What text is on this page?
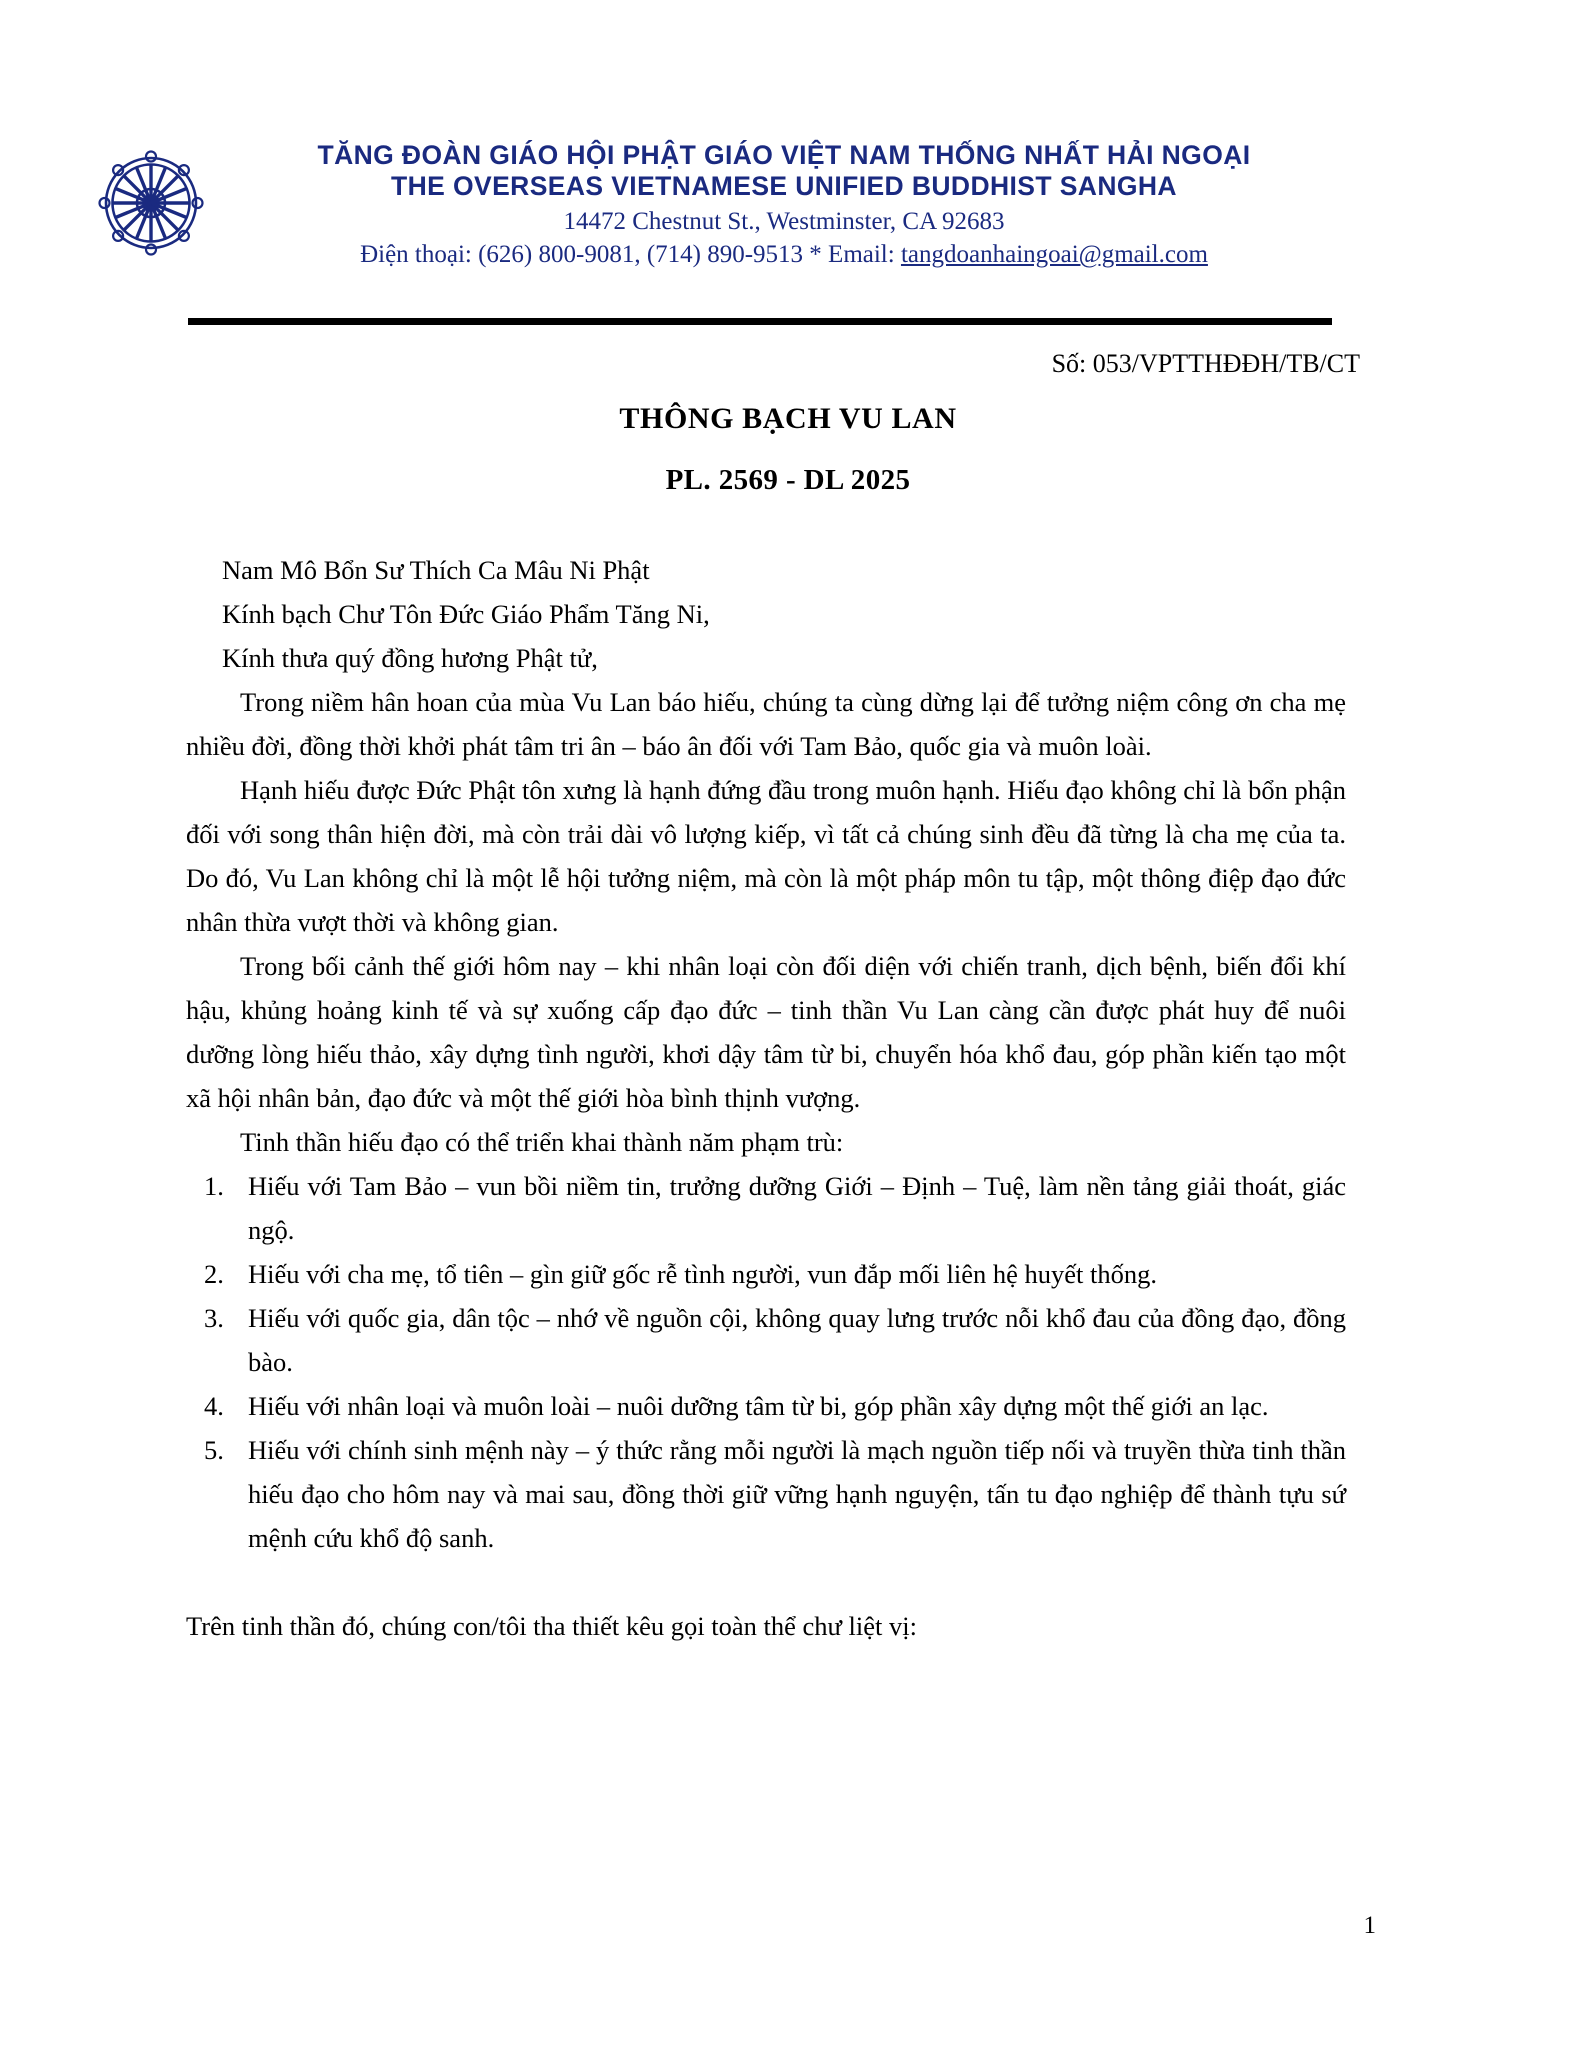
TĂNG ĐOÀN GIÁO HỘI PHẬT GIÁO VIỆT NAM THỐNG NHẤT HẢI NGOẠI
THE OVERSEAS VIETNAMESE UNIFIED BUDDHIST SANGHA
14472 Chestnut St., Westminster, CA 92683
Điện thoại: (626) 800-9081, (714) 890-9513 * Email: tangdoanhaingoai@gmail.com
Số: 053/VPTTHĐĐH/TB/CT
THÔNG BẠCH VU LAN
PL. 2569 - DL 2025
Nam Mô Bổn Sư Thích Ca Mâu Ni Phật
Kính bạch Chư Tôn Đức Giáo Phẩm Tăng Ni,
Kính thưa quý đồng hương Phật tử,

Trong niềm hân hoan của mùa Vu Lan báo hiếu, chúng ta cùng dừng lại để tưởng niệm công ơn cha mẹ nhiều đời, đồng thời khởi phát tâm tri ân – báo ân đối với Tam Bảo, quốc gia và muôn loài.

Hạnh hiếu được Đức Phật tôn xưng là hạnh đứng đầu trong muôn hạnh. Hiếu đạo không chỉ là bổn phận đối với song thân hiện đời, mà còn trải dài vô lượng kiếp, vì tất cả chúng sinh đều đã từng là cha mẹ của ta. Do đó, Vu Lan không chỉ là một lễ hội tưởng niệm, mà còn là một pháp môn tu tập, một thông điệp đạo đức nhân thừa vượt thời và không gian.

Trong bối cảnh thế giới hôm nay – khi nhân loại còn đối diện với chiến tranh, dịch bệnh, biến đổi khí hậu, khủng hoảng kinh tế và sự xuống cấp đạo đức – tinh thần Vu Lan càng cần được phát huy để nuôi dưỡng lòng hiếu thảo, xây dựng tình người, khơi dậy tâm từ bi, chuyển hóa khổ đau, góp phần kiến tạo một xã hội nhân bản, đạo đức và một thế giới hòa bình thịnh vượng.

Tinh thần hiếu đạo có thể triển khai thành năm phạm trù:

Hiếu với Tam Bảo – vun bồi niềm tin, trưởng dưỡng Giới – Định – Tuệ, làm nền tảng giải thoát, giác ngộ.
Hiếu với cha mẹ, tổ tiên – gìn giữ gốc rễ tình người, vun đắp mối liên hệ huyết thống.
Hiếu với quốc gia, dân tộc – nhớ về nguồn cội, không quay lưng trước nỗi khổ đau của đồng đạo, đồng bào.
Hiếu với nhân loại và muôn loài – nuôi dưỡng tâm từ bi, góp phần xây dựng một thế giới an lạc.
Hiếu với chính sinh mệnh này – ý thức rằng mỗi người là mạch nguồn tiếp nối và truyền thừa tinh thần hiếu đạo cho hôm nay và mai sau, đồng thời giữ vững hạnh nguyện, tấn tu đạo nghiệp để thành tựu sứ mệnh cứu khổ độ sanh.

Trên tinh thần đó, chúng con/tôi tha thiết kêu gọi toàn thể chư liệt vị:

1
